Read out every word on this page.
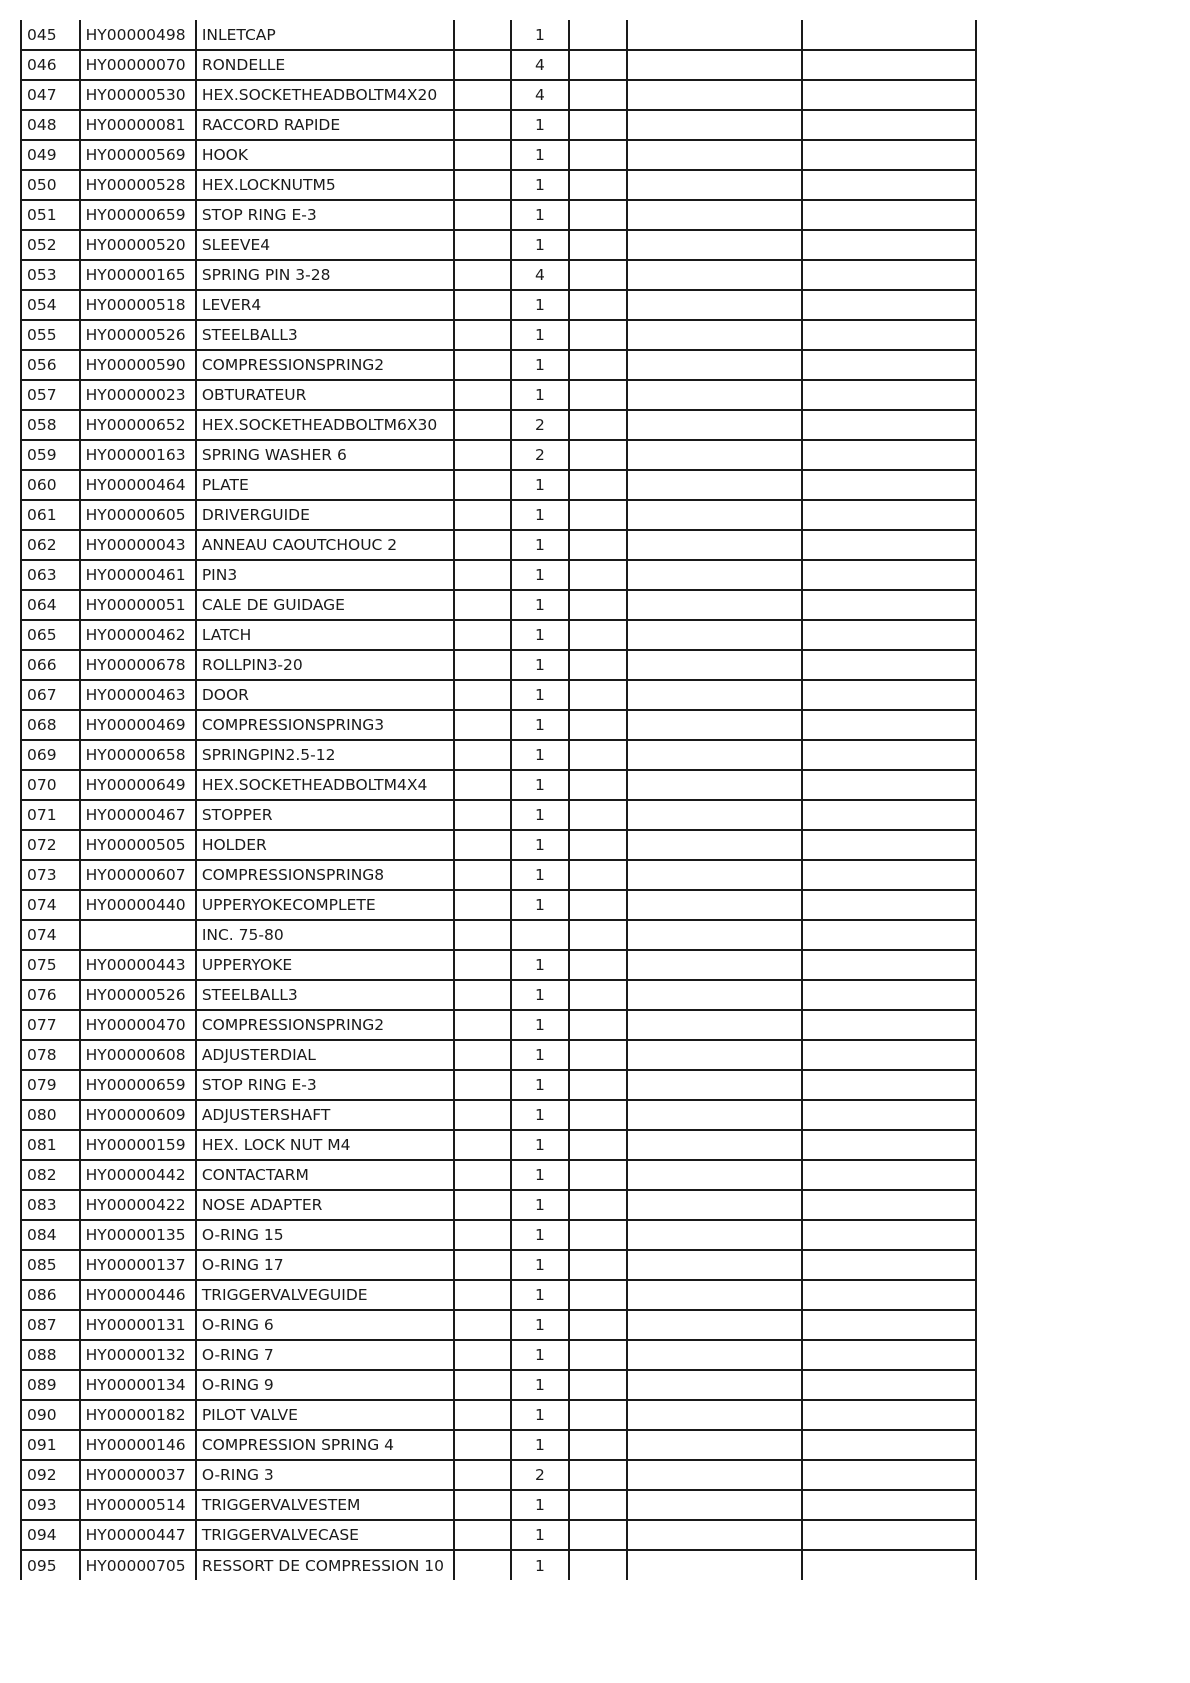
045	HY00000498	INLETCAP		1			
046	HY00000070	RONDELLE		4			
047	HY00000530	HEX.SOCKETHEADBOLTM4X20		4			
048	HY00000081	RACCORD RAPIDE		1			
049	HY00000569	HOOK		1			
050	HY00000528	HEX.LOCKNUTM5		1			
051	HY00000659	STOP RING E-3		1			
052	HY00000520	SLEEVE4		1			
053	HY00000165	SPRING PIN 3-28		4			
054	HY00000518	LEVER4		1			
055	HY00000526	STEELBALL3		1			
056	HY00000590	COMPRESSIONSPRING2		1			
057	HY00000023	OBTURATEUR		1			
058	HY00000652	HEX.SOCKETHEADBOLTM6X30		2			
059	HY00000163	SPRING WASHER 6		2			
060	HY00000464	PLATE		1			
061	HY00000605	DRIVERGUIDE		1			
062	HY00000043	ANNEAU CAOUTCHOUC 2		1			
063	HY00000461	PIN3		1			
064	HY00000051	CALE DE GUIDAGE		1			
065	HY00000462	LATCH		1			
066	HY00000678	ROLLPIN3-20		1			
067	HY00000463	DOOR		1			
068	HY00000469	COMPRESSIONSPRING3		1			
069	HY00000658	SPRINGPIN2.5-12		1			
070	HY00000649	HEX.SOCKETHEADBOLTM4X4		1			
071	HY00000467	STOPPER		1			
072	HY00000505	HOLDER		1			
073	HY00000607	COMPRESSIONSPRING8		1			
074	HY00000440	UPPERYOKECOMPLETE		1			
074		INC. 75-80					
075	HY00000443	UPPERYOKE		1			
076	HY00000526	STEELBALL3		1			
077	HY00000470	COMPRESSIONSPRING2		1			
078	HY00000608	ADJUSTERDIAL		1			
079	HY00000659	STOP RING E-3		1			
080	HY00000609	ADJUSTERSHAFT		1			
081	HY00000159	HEX. LOCK NUT M4		1			
082	HY00000442	CONTACTARM		1			
083	HY00000422	NOSE ADAPTER		1			
084	HY00000135	O-RING 15		1			
085	HY00000137	O-RING 17		1			
086	HY00000446	TRIGGERVALVEGUIDE		1			
087	HY00000131	O-RING 6		1			
088	HY00000132	O-RING 7		1			
089	HY00000134	O-RING 9		1			
090	HY00000182	PILOT VALVE		1			
091	HY00000146	COMPRESSION SPRING 4		1			
092	HY00000037	O-RING 3		2			
093	HY00000514	TRIGGERVALVESTEM		1			
094	HY00000447	TRIGGERVALVECASE		1			
095	HY00000705	RESSORT DE COMPRESSION 10		1			
